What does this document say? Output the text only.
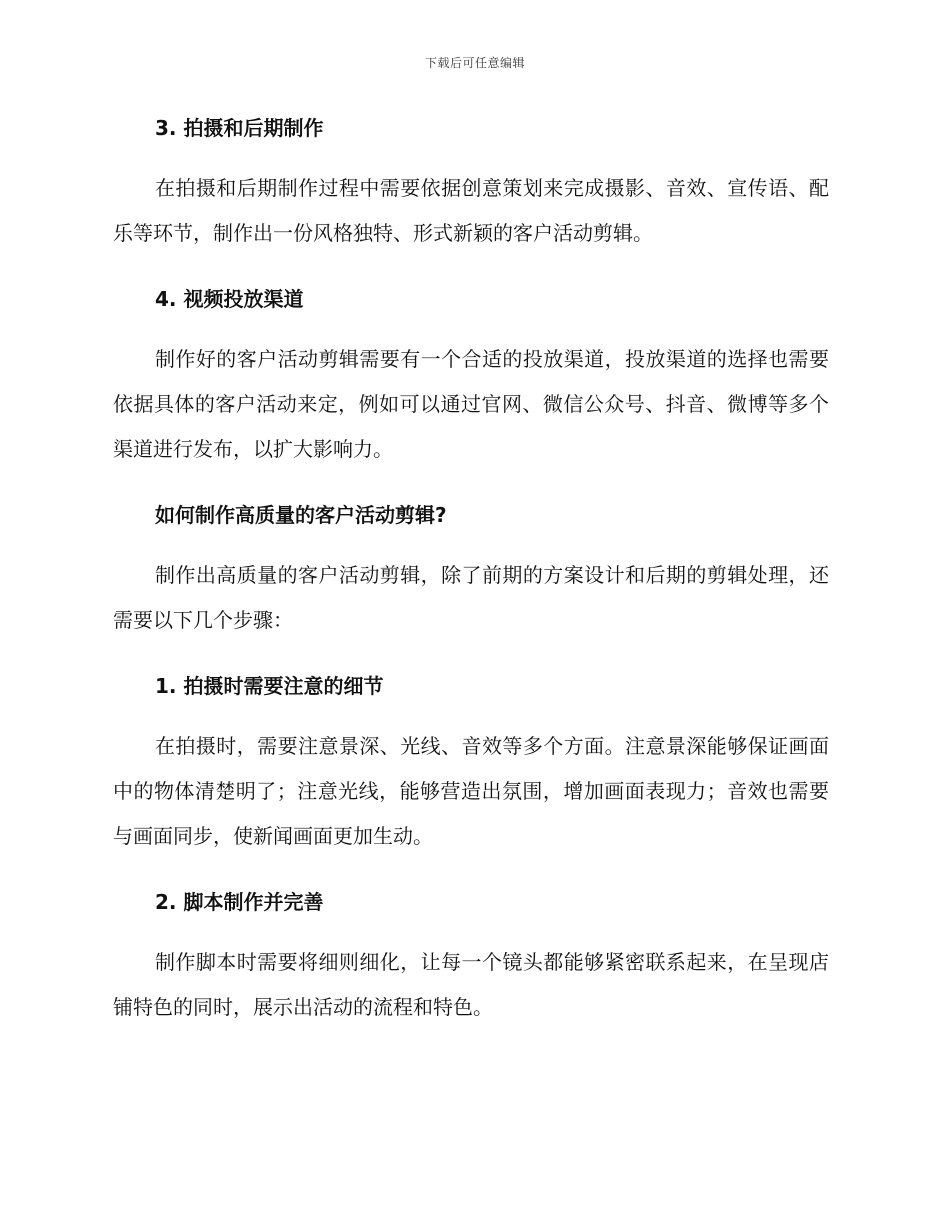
下载后可任意编辑
3. 拍摄和后期制作

在拍摄和后期制作过程中需要依据创意策划来完成摄影、音效、宣传语、配乐等环节，制作出一份风格独特、形式新颖的客户活动剪辑。

4. 视频投放渠道

制作好的客户活动剪辑需要有一个合适的投放渠道，投放渠道的选择也需要依据具体的客户活动来定，例如可以通过官网、微信公众号、抖音、微博等多个渠道进行发布，以扩大影响力。

如何制作高质量的客户活动剪辑?

制作出高质量的客户活动剪辑，除了前期的方案设计和后期的剪辑处理，还需要以下几个步骤：

1. 拍摄时需要注意的细节

在拍摄时，需要注意景深、光线、音效等多个方面。注意景深能够保证画面中的物体清楚明了；注意光线，能够营造出氛围，增加画面表现力；音效也需要与画面同步，使新闻画面更加生动。

2. 脚本制作并完善

制作脚本时需要将细则细化，让每一个镜头都能够紧密联系起来，在呈现店铺特色的同时，展示出活动的流程和特色。
